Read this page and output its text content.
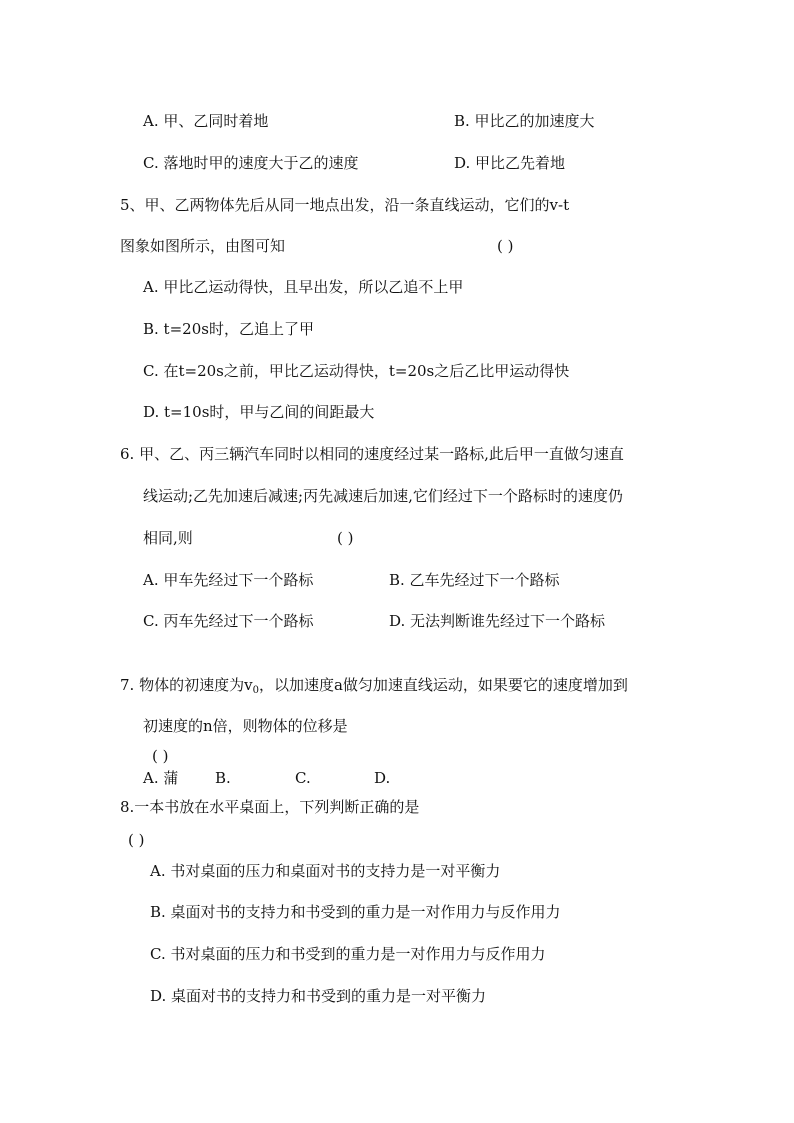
A. 甲、乙同时着地	B. 甲比乙的加速度大
C. 落地时甲的速度大于乙的速度	D. 甲比乙先着地
5、甲、乙两物体先后从同一地点出发，沿一条直线运动，它们的v-t
图象如图所示，由图可知	( )
A. 甲比乙运动得快，且早出发，所以乙追不上甲
B. t=20s时，乙追上了甲
C. 在t=20s之前，甲比乙运动得快，t=20s之后乙比甲运动得快
D. t=10s时，甲与乙间的间距最大
6. 甲、乙、丙三辆汽车同时以相同的速度经过某一路标,此后甲一直做匀速直
线运动;乙先加速后减速;丙先减速后加速,它们经过下一个路标时的速度仍
相同,则	( )
A. 甲车先经过下一个路标	B. 乙车先经过下一个路标
C. 丙车先经过下一个路标	D. 无法判断谁先经过下一个路标
7. 物体的初速度为$v_0$，以加速度a做匀加速直线运动，如果要它的速度增加到
初速度的n倍，则物体的位移是
( )
A. 蒲 B.	C.	D.
8.一本书放在水平桌面上，下列判断正确的是
( )
A. 书对桌面的压力和桌面对书的支持力是一对平衡力
B. 桌面对书的支持力和书受到的重力是一对作用力与反作用力
C. 书对桌面的压力和书受到的重力是一对作用力与反作用力
D. 桌面对书的支持力和书受到的重力是一对平衡力
